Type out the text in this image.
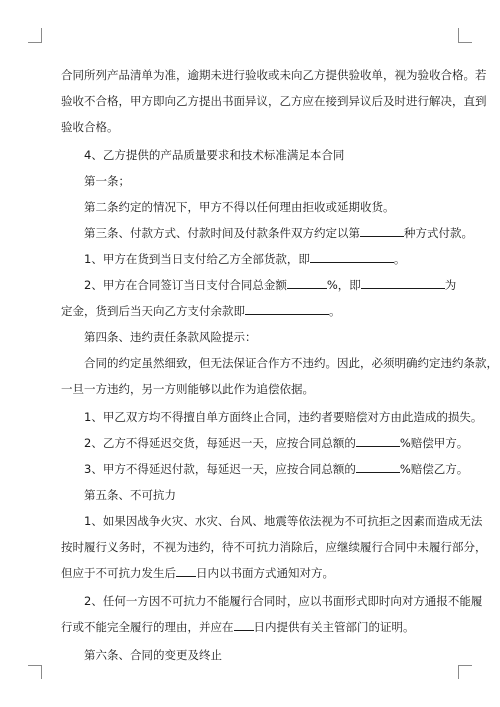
合同所列产品清单为准，逾期未进行验收或未向乙方提供验收单，视为验收合格。若

验收不合格，甲方即向乙方提出书面异议，乙方应在接到异议后及时进行解决，直到

验收合格。

4、乙方提供的产品质量要求和技术标准满足本合同

第一条；

第二条约定的情况下，甲方不得以任何理由拒收或延期收货。

第三条、付款方式、付款时间及付款条件双方约定以第	种方式付款。

1、甲方在货到当日支付给乙方全部货款，即	。

2、甲方在合同签订当日支付合同总金额	%，即	为

定金，货到后当天向乙方支付余款即	。

第四条、违约责任条款风险提示：

合同的约定虽然细致，但无法保证合作方不违约。因此，必须明确约定违约条款，

一旦一方违约，另一方则能够以此作为追偿依据。

1、甲乙双方均不得擅自单方面终止合同，违约者要赔偿对方由此造成的损失。

2、乙方不得延迟交货，每延迟一天，应按合同总额的	%赔偿甲方。

3、甲方不得延迟付款，每延迟一天，应按合同总额的	%赔偿乙方。

第五条、不可抗力

1、如果因战争火灾、水灾、台风、地震等依法视为不可抗拒之因素而造成无法

按时履行义务时，不视为违约，待不可抗力消除后，应继续履行合同中未履行部分，

但应于不可抗力发生后 日内以书面方式通知对方。

2、任何一方因不可抗力不能履行合同时，应以书面形式即时向对方通报不能履

行或不能完全履行的理由，并应在 日内提供有关主管部门的证明。

第六条、合同的变更及终止
